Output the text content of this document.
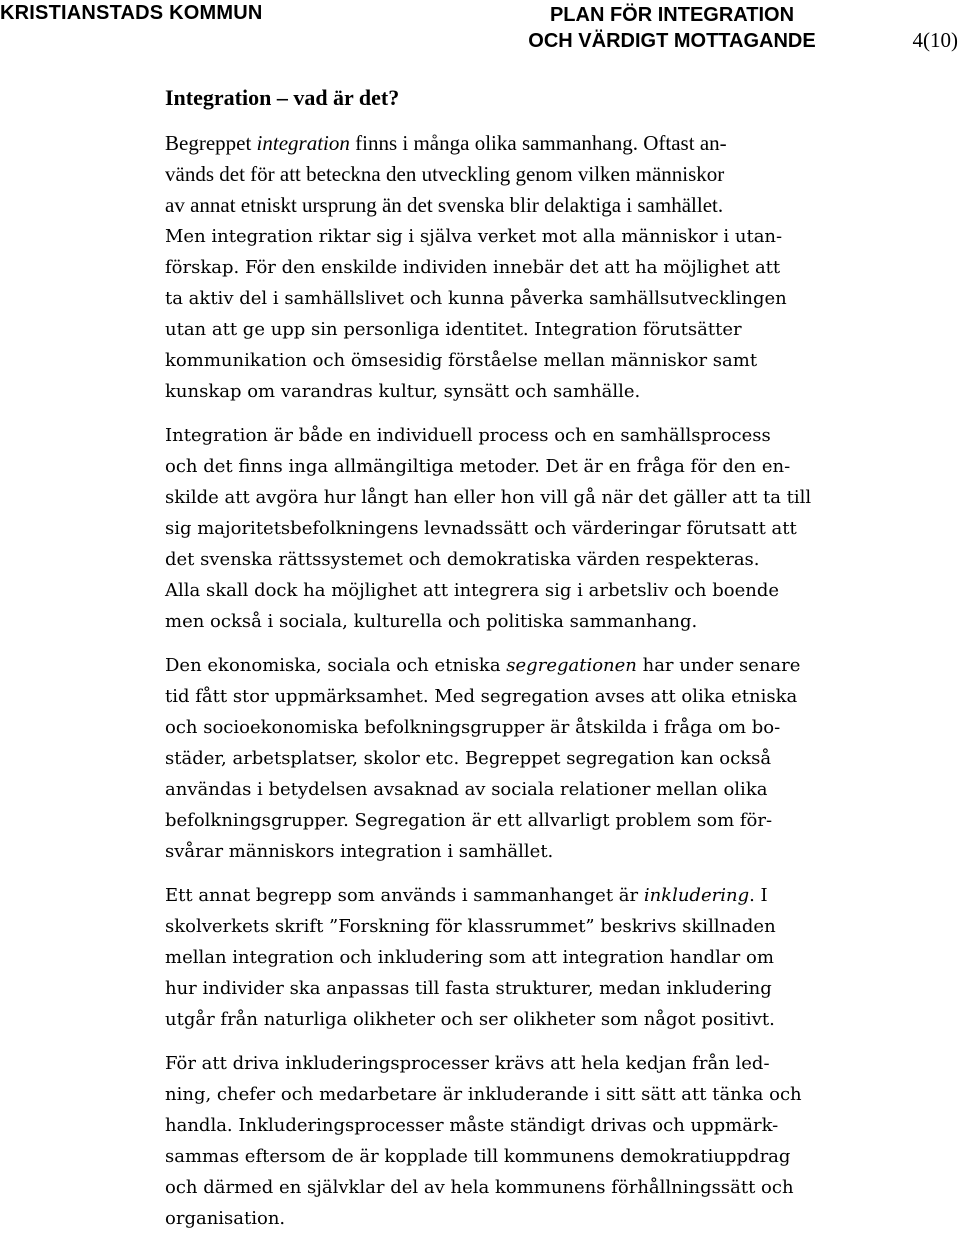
KRISTIANSTADS KOMMUN	PLAN FÖR INTEGRATION
OCH VÄRDIGT MOTTAGANDE	4(10)
Integration – vad är det?
Begreppet integration finns i många olika sammanhang. Oftast an-
vänds det för att beteckna den utveckling genom vilken människor
av annat etniskt ursprung än det svenska blir delaktiga i samhället.
Men integration riktar sig i själva verket mot alla människor i utan-
förskap. För den enskilde individen innebär det att ha möjlighet att
ta aktiv del i samhällslivet och kunna påverka samhällsutvecklingen
utan att ge upp sin personliga identitet. Integration förutsätter
kommunikation och ömsesidig förståelse mellan människor samt
kunskap om varandras kultur, synsätt och samhälle.
Integration är både en individuell process och en samhällsprocess
och det finns inga allmängiltiga metoder. Det är en fråga för den en-
skilde att avgöra hur långt han eller hon vill gå när det gäller att ta till
sig majoritetsbefolkningens levnadssätt och värderingar förutsatt att
det svenska rättssystemet och demokratiska värden respekteras.
Alla skall dock ha möjlighet att integrera sig i arbetsliv och boende
men också i sociala, kulturella och politiska sammanhang.
Den ekonomiska, sociala och etniska segregationen har under senare
tid fått stor uppmärksamhet. Med segregation avses att olika etniska
och socioekonomiska befolkningsgrupper är åtskilda i fråga om bo-
städer, arbetsplatser, skolor etc. Begreppet segregation kan också
användas i betydelsen avsaknad av sociala relationer mellan olika
befolkningsgrupper. Segregation är ett allvarligt problem som för-
svårar människors integration i samhället.
Ett annat begrepp som används i sammanhanget är inkludering. I
skolverkets skrift ”Forskning för klassrummet” beskrivs skillnaden
mellan integration och inkludering som att integration handlar om
hur individer ska anpassas till fasta strukturer, medan inkludering
utgår från naturliga olikheter och ser olikheter som något positivt.
För att driva inkluderingsprocesser krävs att hela kedjan från led-
ning, chefer och medarbetare är inkluderande i sitt sätt att tänka och
handla. Inkluderingsprocesser måste ständigt drivas och uppmärk-
sammas eftersom de är kopplade till kommunens demokratiuppdrag
och därmed en självklar del av hela kommunens förhållningssätt och
organisation.
